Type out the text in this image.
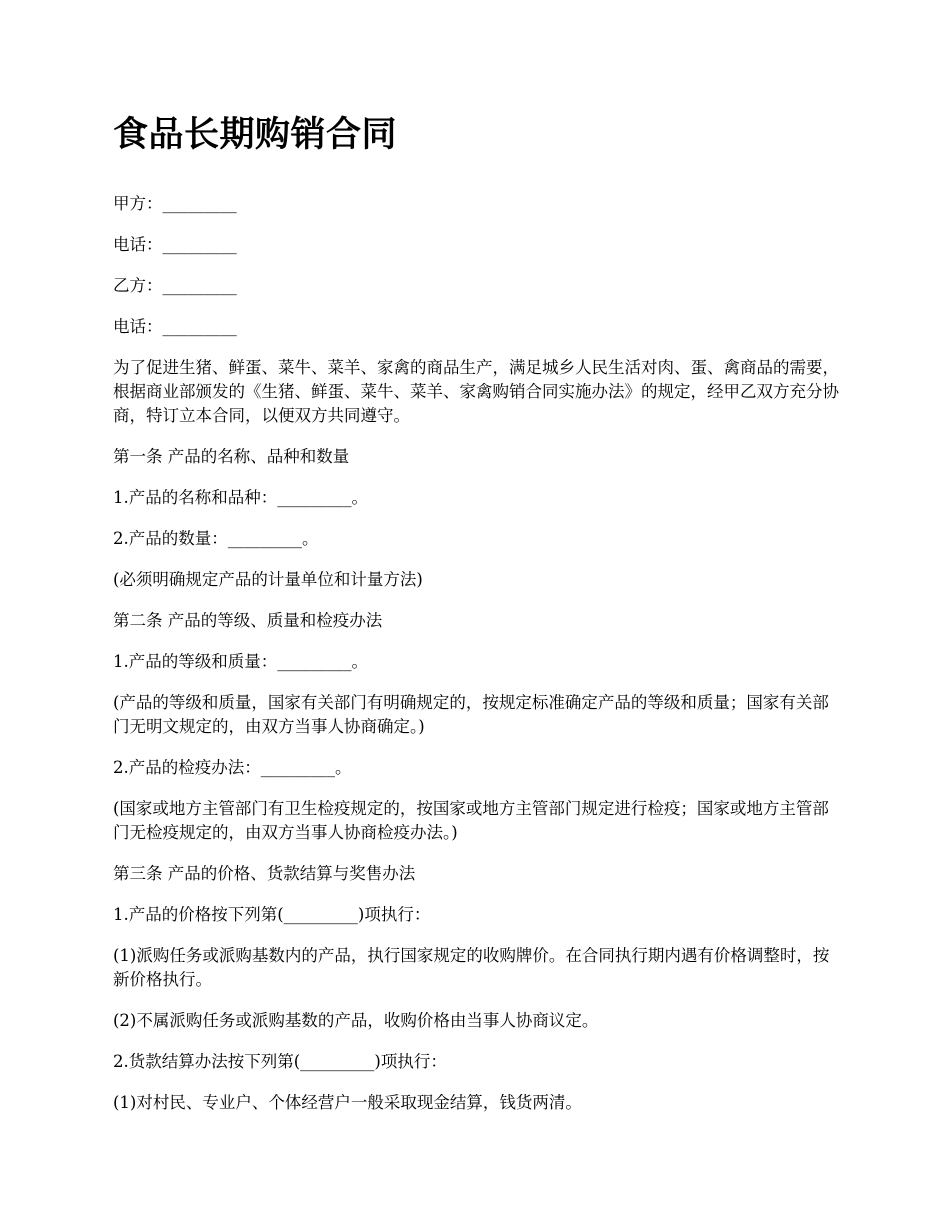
食品长期购销合同

甲方：_________

电话：_________

乙方：_________

电话：_________

为了促进生猪、鲜蛋、菜牛、菜羊、家禽的商品生产，满足城乡人民生活对肉、蛋、禽商品的需要，根据商业部颁发的《生猪、鲜蛋、菜牛、菜羊、家禽购销合同实施办法》的规定，经甲乙双方充分协商，特订立本合同，以便双方共同遵守。

第一条 产品的名称、品种和数量

1.产品的名称和品种：_________。

2.产品的数量：_________。

(必须明确规定产品的计量单位和计量方法)

第二条 产品的等级、质量和检疫办法

1.产品的等级和质量：_________。

(产品的等级和质量，国家有关部门有明确规定的，按规定标准确定产品的等级和质量；国家有关部门无明文规定的，由双方当事人协商确定。)

2.产品的检疫办法：_________。

(国家或地方主管部门有卫生检疫规定的，按国家或地方主管部门规定进行检疫；国家或地方主管部门无检疫规定的，由双方当事人协商检疫办法。)

第三条 产品的价格、货款结算与奖售办法

1.产品的价格按下列第(_________)项执行：

(1)派购任务或派购基数内的产品，执行国家规定的收购牌价。在合同执行期内遇有价格调整时，按新价格执行。

(2)不属派购任务或派购基数的产品，收购价格由当事人协商议定。

2.货款结算办法按下列第(_________)项执行：

(1)对村民、专业户、个体经营户一般采取现金结算，钱货两清。
